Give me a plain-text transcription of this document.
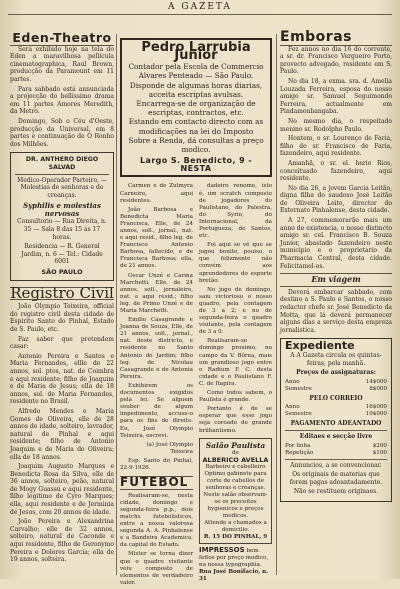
A GAZETA
Eden-Theatro

Será exhibido hoje na tela do Eden a maravilhosa pellicula cinematographica, Raul Brown, producção da Paramount em 11 partes.

Para sabbado está annunciada a projecção do bellissimo drama em 11 partes Amores Meredith, da Metro.

Domingo, Sob o Céu d'Oeste, producção da Universal, em 8 partes e continuação de O Ronho dos Milhões.

DR. ANTHERO DIEGO SALVAD

Medico-Operador Parteiro, — Molestias de senhoras e de creanças.

Syphilis e molestias nervosas

Consultorio — Rua Direita, n. 35 — Sala 8 das 15 ás 17 horas.

Residencia — R. General Jardim, n. 6 — Tel.: Cidade 6001

SÃO PAULO
Registro Civil

João Olympio Teixeira, official do registro civil desta cidade de Espirito Santo do Pinhal, Estado de S. Paulo, etc.

Faz saber que pretendem casar:

Antonio Pereira e Santos e Maria Fernandes, ellle de 22 annos, sol. ptos, nat. de Coimbra e aqui residente; filho de Joaquim e de Maria de Jesus; ella de 18 annos, sol. de Maria Fernandes, residente no Brasil.

Alfredo Mendes e Maria Gomes de Oliveira, elle de 28 annos de idade, solteiro, lavrador, natural de Pinhal e aqui residente; filho de Antonio Joaquim e de Maria de Oliveira; ella de 18 annos.

Joaquim Augusto Marques e Benedicta Rosa da Silva, elle de 36 annos, solteiro, peão, natural de Mogy Guassú e aqui residente, filho legitimo de Cyro Marques; ella, aqui residente e de Jerminia de Jesus, com 20 annos de idade.

João Pereira e Alexandrina Carvalho; elle de 32 annos, solteiro, natural de Caconde e aqui residente, filho de Geronymo Pereira e Dolores Garcia; ella de 19 annos, solteira.

Pedro Larrubia Junior
Contador pela Escola de Commercio Alvares Penteado — São Paulo.
Disponde de algumas horas diarias, acceita escriptas avulsas.
Encarrega-se de organização de escriptas, contractos, etc.
Estando em contacto directo com as modificações na lei do Imposto Sobre a Renda, dá consultas a preço modico.
Largo S. Benedicto, 9 - NESTA

Carmen e de Zulmyra Carneiro, aqui residentes.

João Barbosa e Benedicta Maria Francisca, Elle, de 24 annos, soll., jornal., nat. e aqui resid., filho leg. de Francisco Antonio Barbosa, fallecido, e de Francisca Barbosa; ella, de 21 annos.

Oscar Unzé e Carina Marchetti, Elle, de 24 annos, soll., jornaleiro, nat. e aqui resid.; filho leg. de Primo Unzé e de Maria Marchetti.

Emilio Casagrande e Joanna de Souza, Elle, de 21 annos, soll., jornal., nat. deste districto, e residente no Santo Antonio do Jardim; filho leg. de Nicolau Casagrande e de Antonia Pereira.

Exhibirem os documentos exigidos pela lei. Se alguem souber de algum impedimento, accuse-o para os fins de direito. Eu, José Olympio Teixeira, escrevi.

(a) José Olympio Teixeira

Esp. Santo do Pinhal, 22-9-1926.

FUTEBOL

Realisaram-se, nesta cidade, domingo e segunda-feira p.p., dois matchs futebolisticos, entre a nossa valorosa segunda A. A. Pinhalense e a Bandeira Academica, da capital do Estado.

Mister se torna dizer que o quadro visitante veiu composto de elementos de verdadeiro valor.

dadeiro renome, isto é, um scratch composto de jogadores do Paulistano, do Palestra, do Syrio, do Internacional, da Portugueza, de Santos, etc.

Foi aqui se vê que se jogou bonito, pouiso, o que felizmente não convém aos aprendedores do esporte bretão.

No jogo de domingo, saiu victorioso o nosso quadro, pela contagem de 3 a 2; e no de segunda-feira o quadro visitante, pela contagem de 3 a 0.

Realisaram-se domingo proximo, no campo da V. Bôrea, mais um grandioso jogo entre o Radium F. C. desta cidade e o Paulistano F. C. de Itapira.

Como todos sabem, o Paulista é grande.

Portanto é de se esperar que esse jogo seja coroado de grande brilhantismo.

Salão Paulista
de
ALBERICO AVELLA
Barbeiro e cabelleiro
Optimo gabinete para corte de cabellos de senhoras e creanças.
Neste salão observam-se os preceitos hygienicos e preços modicos.
Attende a chamados a domicilio.
R. 15 DO PINHAL, 9
IMPRESSOS bem feitos por preço modico, na nossa typographia.
Rua José Bonifacio, n. 31
Emboras

Fez annos no dia 16 do corrente, a sr. dr. Francisco Vergueiro Porto, provecto advogado, residente em S. Paulo.

No dia 18, a exma. sra. d. Amelia Louzada Ferreira, esposa do nosso amigo sr. Samuel Seguimondo Ferreira, actualmente em Pindamonhangaba.

No mesmo dia, o respeitado menino sr. Rodolpho Paulo.

Hontem, o sr. Lourenço de Faria, filho do sr. Francisco de Faria, fazendeiro, aqui residente.

Amanhã, o sr. el. herio Rios, conceituado fazendeiro, aqui residente.

No dia 26, a jovem Garcia Leitão, digna filha do saudoso José Leitão de Oliveira Leite, director do Externato Pinhalense, desta cidade.

A 27, commemorarão mais um anno de existencia, o nosso distincto amigo sr. cel. Francisco B. Souza Junior, abastado fazendeiro neste municipio e o proprietario da Pharmacia Central, desta cidade. Felicitamol-os.

Em viagem

Deverá embarcar sabbado, com destino a S. Paulo e Santos, o nosso redactor chefe sr. José Benedicto da Motta, que lá deverá permanecer alguns dias a serviço desta empreza jornalistica.

Expediente

A A Gazeta circula os quintas-feiras, pela manhã.

Preços de assignaturas:
Anno	14$000
Semestre	8$000
PELO CORREIO
Anno	16$000
Semestre	10$000
PAGAMENTO ADEANTADO
Editaes e secção livre
Por linha	$200
Repetição	$100

Annuncios, a se convencionar.

Os originais de materias que forem pagas adeantadamente.

Não se restituem originaes.
